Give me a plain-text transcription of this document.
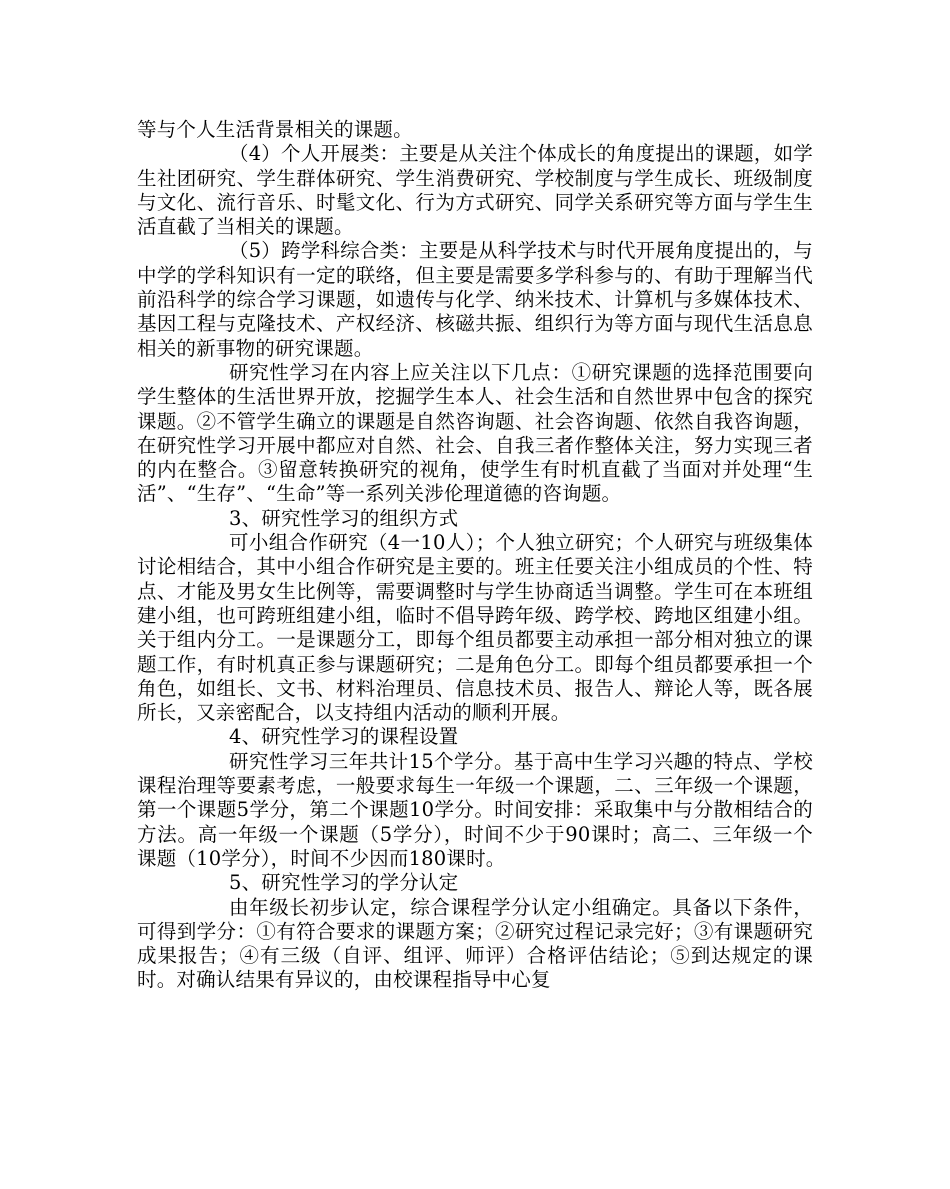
等与个人生活背景相关的课题。

（4）个人开展类：主要是从关注个体成长的角度提出的课题，如学生社团研究、学生群体研究、学生消费研究、学校制度与学生成长、班级制度与文化、流行音乐、时髦文化、行为方式研究、同学关系研究等方面与学生生活直截了当相关的课题。

（5）跨学科综合类：主要是从科学技术与时代开展角度提出的，与中学的学科知识有一定的联络，但主要是需要多学科参与的、有助于理解当代前沿科学的综合学习课题，如遗传与化学、纳米技术、计算机与多媒体技术、基因工程与克隆技术、产权经济、核磁共振、组织行为等方面与现代生活息息相关的新事物的研究课题。

研究性学习在内容上应关注以下几点：①研究课题的选择范围要向学生整体的生活世界开放，挖掘学生本人、社会生活和自然世界中包含的探究课题。②不管学生确立的课题是自然咨询题、社会咨询题、依然自我咨询题，在研究性学习开展中都应对自然、社会、自我三者作整体关注，努力实现三者的内在整合。③留意转换研究的视角，使学生有时机直截了当面对并处理“生活”、“生存”、“生命”等一系列关涉伦理道德的咨询题。

3、研究性学习的组织方式

可小组合作研究（4一10人）；个人独立研究；个人研究与班级集体讨论相结合，其中小组合作研究是主要的。班主任要关注小组成员的个性、特点、才能及男女生比例等，需要调整时与学生协商适当调整。学生可在本班组建小组，也可跨班组建小组，临时不倡导跨年级、跨学校、跨地区组建小组。关于组内分工。一是课题分工，即每个组员都要主动承担一部分相对独立的课题工作，有时机真正参与课题研究；二是角色分工。即每个组员都要承担一个角色，如组长、文书、材料治理员、信息技术员、报告人、辩论人等，既各展所长，又亲密配合，以支持组内活动的顺利开展。

4、研究性学习的课程设置

研究性学习三年共计15个学分。基于高中生学习兴趣的特点、学校课程治理等要素考虑，一般要求每生一年级一个课题，二、三年级一个课题，第一个课题5学分，第二个课题10学分。时间安排：采取集中与分散相结合的方法。高一年级一个课题（5学分），时间不少于90课时；高二、三年级一个课题（10学分），时间不少因而180课时。

5、研究性学习的学分认定

由年级长初步认定，综合课程学分认定小组确定。具备以下条件，可得到学分：①有符合要求的课题方案；②研究过程记录完好；③有课题研究成果报告；④有三级（自评、组评、师评）合格评估结论；⑤到达规定的课时。对确认结果有异议的，由校课程指导中心复
